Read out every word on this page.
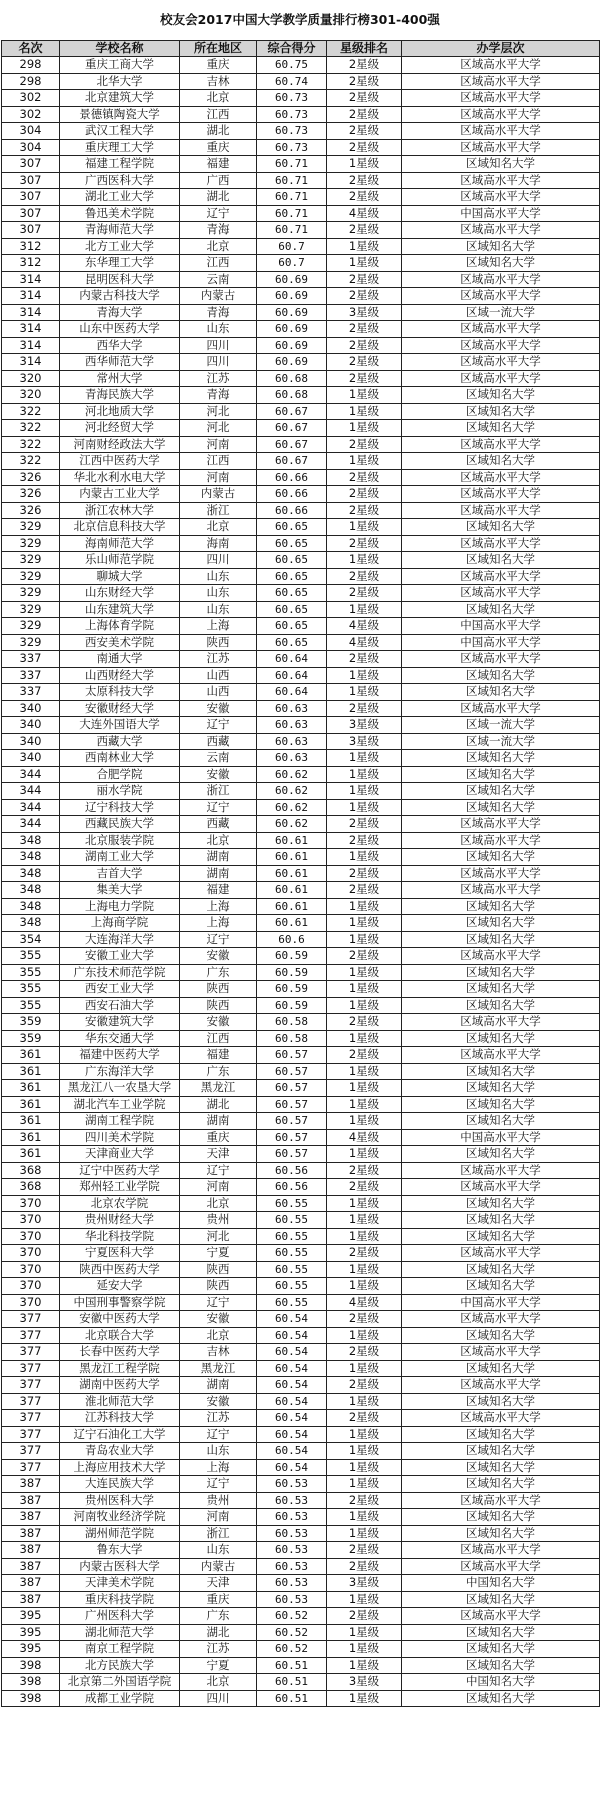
校友会2017中国大学教学质量排行榜301-400强
名次	学校名称	所在地区	综合得分	星级排名	办学层次
298	重庆工商大学	重庆	60.75	2星级	区域高水平大学
298	北华大学	吉林	60.74	2星级	区域高水平大学
302	北京建筑大学	北京	60.73	2星级	区域高水平大学
302	景德镇陶瓷大学	江西	60.73	2星级	区域高水平大学
304	武汉工程大学	湖北	60.73	2星级	区域高水平大学
304	重庆理工大学	重庆	60.73	2星级	区域高水平大学
307	福建工程学院	福建	60.71	1星级	区域知名大学
307	广西医科大学	广西	60.71	2星级	区域高水平大学
307	湖北工业大学	湖北	60.71	2星级	区域高水平大学
307	鲁迅美术学院	辽宁	60.71	4星级	中国高水平大学
307	青海师范大学	青海	60.71	2星级	区域高水平大学
312	北方工业大学	北京	60.7	1星级	区域知名大学
312	东华理工大学	江西	60.7	1星级	区域知名大学
314	昆明医科大学	云南	60.69	2星级	区域高水平大学
314	内蒙古科技大学	内蒙古	60.69	2星级	区域高水平大学
314	青海大学	青海	60.69	3星级	区域一流大学
314	山东中医药大学	山东	60.69	2星级	区域高水平大学
314	西华大学	四川	60.69	2星级	区域高水平大学
314	西华师范大学	四川	60.69	2星级	区域高水平大学
320	常州大学	江苏	60.68	2星级	区域高水平大学
320	青海民族大学	青海	60.68	1星级	区域知名大学
322	河北地质大学	河北	60.67	1星级	区域知名大学
322	河北经贸大学	河北	60.67	1星级	区域知名大学
322	河南财经政法大学	河南	60.67	2星级	区域高水平大学
322	江西中医药大学	江西	60.67	1星级	区域知名大学
326	华北水利水电大学	河南	60.66	2星级	区域高水平大学
326	内蒙古工业大学	内蒙古	60.66	2星级	区域高水平大学
326	浙江农林大学	浙江	60.66	2星级	区域高水平大学
329	北京信息科技大学	北京	60.65	1星级	区域知名大学
329	海南师范大学	海南	60.65	2星级	区域高水平大学
329	乐山师范学院	四川	60.65	1星级	区域知名大学
329	聊城大学	山东	60.65	2星级	区域高水平大学
329	山东财经大学	山东	60.65	2星级	区域高水平大学
329	山东建筑大学	山东	60.65	1星级	区域知名大学
329	上海体育学院	上海	60.65	4星级	中国高水平大学
329	西安美术学院	陕西	60.65	4星级	中国高水平大学
337	南通大学	江苏	60.64	2星级	区域高水平大学
337	山西财经大学	山西	60.64	1星级	区域知名大学
337	太原科技大学	山西	60.64	1星级	区域知名大学
340	安徽财经大学	安徽	60.63	2星级	区域高水平大学
340	大连外国语大学	辽宁	60.63	3星级	区域一流大学
340	西藏大学	西藏	60.63	3星级	区域一流大学
340	西南林业大学	云南	60.63	1星级	区域知名大学
344	合肥学院	安徽	60.62	1星级	区域知名大学
344	丽水学院	浙江	60.62	1星级	区域知名大学
344	辽宁科技大学	辽宁	60.62	1星级	区域知名大学
344	西藏民族大学	西藏	60.62	2星级	区域高水平大学
348	北京服装学院	北京	60.61	2星级	区域高水平大学
348	湖南工业大学	湖南	60.61	1星级	区域知名大学
348	吉首大学	湖南	60.61	2星级	区域高水平大学
348	集美大学	福建	60.61	2星级	区域高水平大学
348	上海电力学院	上海	60.61	1星级	区域知名大学
348	上海商学院	上海	60.61	1星级	区域知名大学
354	大连海洋大学	辽宁	60.6	1星级	区域知名大学
355	安徽工业大学	安徽	60.59	2星级	区域高水平大学
355	广东技术师范学院	广东	60.59	1星级	区域知名大学
355	西安工业大学	陕西	60.59	1星级	区域知名大学
355	西安石油大学	陕西	60.59	1星级	区域知名大学
359	安徽建筑大学	安徽	60.58	2星级	区域高水平大学
359	华东交通大学	江西	60.58	1星级	区域知名大学
361	福建中医药大学	福建	60.57	2星级	区域高水平大学
361	广东海洋大学	广东	60.57	1星级	区域知名大学
361	黑龙江八一农垦大学	黑龙江	60.57	1星级	区域知名大学
361	湖北汽车工业学院	湖北	60.57	1星级	区域知名大学
361	湖南工程学院	湖南	60.57	1星级	区域知名大学
361	四川美术学院	重庆	60.57	4星级	中国高水平大学
361	天津商业大学	天津	60.57	1星级	区域知名大学
368	辽宁中医药大学	辽宁	60.56	2星级	区域高水平大学
368	郑州轻工业学院	河南	60.56	2星级	区域高水平大学
370	北京农学院	北京	60.55	1星级	区域知名大学
370	贵州财经大学	贵州	60.55	1星级	区域知名大学
370	华北科技学院	河北	60.55	1星级	区域知名大学
370	宁夏医科大学	宁夏	60.55	2星级	区域高水平大学
370	陕西中医药大学	陕西	60.55	1星级	区域知名大学
370	延安大学	陕西	60.55	1星级	区域知名大学
370	中国刑事警察学院	辽宁	60.55	4星级	中国高水平大学
377	安徽中医药大学	安徽	60.54	2星级	区域高水平大学
377	北京联合大学	北京	60.54	1星级	区域知名大学
377	长春中医药大学	吉林	60.54	2星级	区域高水平大学
377	黑龙江工程学院	黑龙江	60.54	1星级	区域知名大学
377	湖南中医药大学	湖南	60.54	2星级	区域高水平大学
377	淮北师范大学	安徽	60.54	1星级	区域知名大学
377	江苏科技大学	江苏	60.54	2星级	区域高水平大学
377	辽宁石油化工大学	辽宁	60.54	1星级	区域知名大学
377	青岛农业大学	山东	60.54	1星级	区域知名大学
377	上海应用技术大学	上海	60.54	1星级	区域知名大学
387	大连民族大学	辽宁	60.53	1星级	区域知名大学
387	贵州医科大学	贵州	60.53	2星级	区域高水平大学
387	河南牧业经济学院	河南	60.53	1星级	区域知名大学
387	湖州师范学院	浙江	60.53	1星级	区域知名大学
387	鲁东大学	山东	60.53	2星级	区域高水平大学
387	内蒙古医科大学	内蒙古	60.53	2星级	区域高水平大学
387	天津美术学院	天津	60.53	3星级	中国知名大学
387	重庆科技学院	重庆	60.53	1星级	区域知名大学
395	广州医科大学	广东	60.52	2星级	区域高水平大学
395	湖北师范大学	湖北	60.52	1星级	区域知名大学
395	南京工程学院	江苏	60.52	1星级	区域知名大学
398	北方民族大学	宁夏	60.51	1星级	区域知名大学
398	北京第二外国语学院	北京	60.51	3星级	中国知名大学
398	成都工业学院	四川	60.51	1星级	区域知名大学
